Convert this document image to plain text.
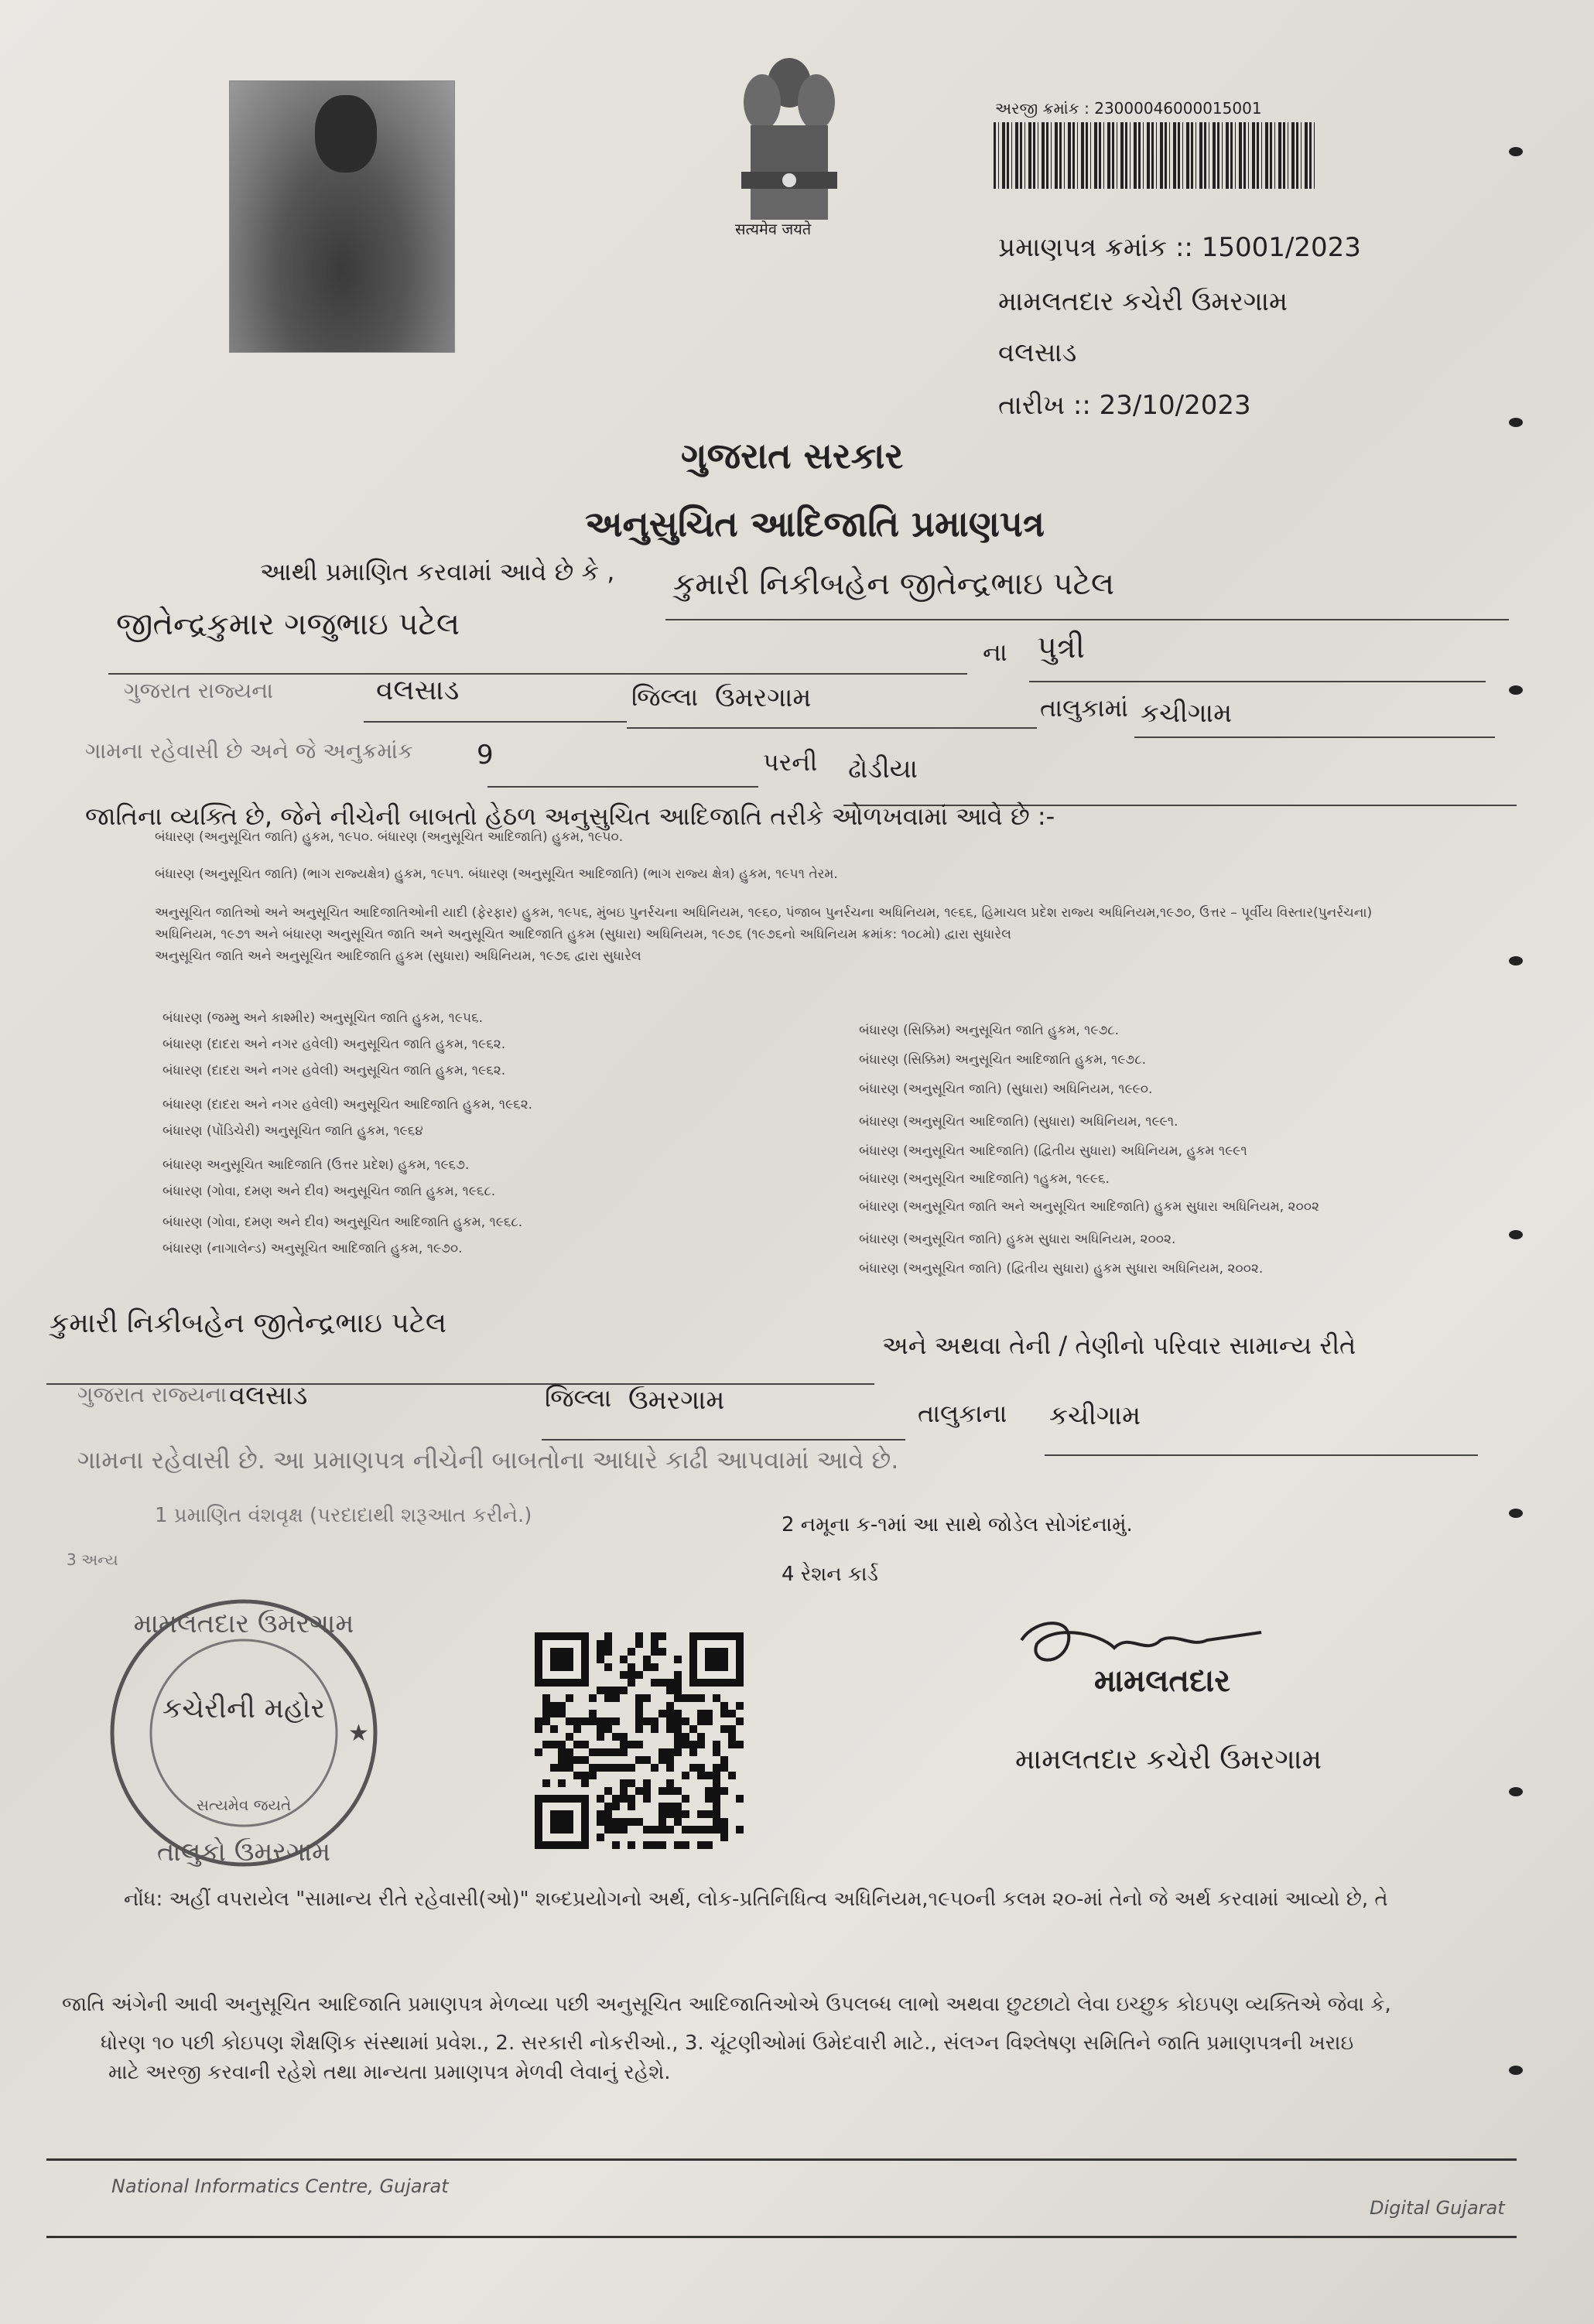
सत्यमेव जयते
અરજી ક્રમાંક : 23000046000015001
પ્રમાણપત્ર ક્રમાંક :: 15001/2023
મામલતદાર કચેરી ઉમરગામ
વલસાડ
તારીખ :: 23/10/2023
ગુજરાત સરકાર
અનુસુચિત આદિજાતિ પ્રમાણપત્ર
આથી પ્રમાણિત કરવામાં આવે છે કે , કુમારી નિકીબહેન જીતેન્દ્રભાઇ પટેલ
જીતેન્દ્રકુમાર ગજુભાઇ પટેલ
ના પુત્રી
ગુજરાત રાજ્યના	વલસાડ	જિલ્લા ઉમરગામ	તાલુકામાં કચીગામ
ગામના રહેવાસી છે અને જે અનુક્રમાંક 9	પરની ઢોડીયા
જાતિના વ્યક્તિ છે, જેને નીચેની બાબતો હેઠળ અનુસુચિત આદિજાતિ તરીકે ઓળખવામાં આવે છે :-
બંધારણ (અનુસૂચિત જાતિ) હુકમ, ૧૯૫૦. બંધારણ (અનુસૂચિત આદિજાતિ) હુકમ, ૧૯૫૦.
બંધારણ (અનુસૂચિત જાતિ) (ભાગ રાજ્યક્ષેત્ર) હુકમ, ૧૯૫૧. બંધારણ (અનુસૂચિત આદિજાતિ) (ભાગ રાજ્ય ક્ષેત્ર) હુકમ, ૧૯૫૧ તેરમ.
અનુસૂચિત જાતિઓ અને અનુસૂચિત આદિજાતિઓની યાદી (ફેરફાર) હુકમ, ૧૯૫૬, મુંબઇ પુનર્રચના અધિનિયમ, ૧૯૬૦, પંજાબ પુનર્રચના અધિનિયમ, ૧૯૬૬, હિમાચલ પ્રદેશ રાજ્ય અધિનિયમ,૧૯૭૦, ઉત્તર – પૂર્વીય વિસ્તાર(પુનર્રચના)
અધિનિયમ, ૧૯૭૧ અને બંધારણ અનુસૂચિત જાતિ અને અનુસૂચિત આદિજાતિ હુકમ (સુધારા) અધિનિયમ, ૧૯૭૬ (૧૯૭૬નો અધિનિયમ ક્રમાંક: ૧૦૮મો) દ્વારા સુધારેલ
અનુસૂચિત જાતિ અને અનુસૂચિત આદિજાતિ હુકમ (સુધારા) અધિનિયમ, ૧૯૭૬ દ્વારા સુધારેલ
બંધારણ (જમ્મુ અને કાશ્મીર) અનુસૂચિત જાતિ હુકમ, ૧૯૫૬.
બંધારણ (દાદરા અને નગર હવેલી) અનુસૂચિત જાતિ હુકમ, ૧૯૬૨.
બંધારણ (દાદરા અને નગર હવેલી) અનુસૂચિત જાતિ હુકમ, ૧૯૬૨.
બંધારણ (દાદરા અને નગર હવેલી) અનુસૂચિત આદિજાતિ હુકમ, ૧૯૬૨.
બંધારણ (પોંડિચેરી) અનુસૂચિત જાતિ હુકમ, ૧૯૬૪
બંધારણ અનુસૂચિત આદિજાતિ (ઉત્તર પ્રદેશ) હુકમ, ૧૯૬૭.
બંધારણ (ગોવા, દમણ અને દીવ) અનુસૂચિત જાતિ હુકમ, ૧૯૬૮.
બંધારણ (ગોવા, દમણ અને દીવ) અનુસૂચિત આદિજાતિ હુકમ, ૧૯૬૮.
બંધારણ (નાગાલેન્ડ) અનુસૂચિત આદિજાતિ હુકમ, ૧૯૭૦.
બંધારણ (સિક્કિમ) અનુસૂચિત જાતિ હુકમ, ૧૯૭૮.
બંધારણ (સિક્કિમ) અનુસૂચિત આદિજાતિ હુકમ, ૧૯૭૮.
બંધારણ (અનુસૂચિત જાતિ) (સુધારા) અધિનિયમ, ૧૯૯૦.
બંધારણ (અનુસૂચિત આદિજાતિ) (સુધારા) અધિનિયમ, ૧૯૯૧.
બંધારણ (અનુસૂચિત આદિજાતિ) (દ્વિતીય સુધારા) અધિનિયમ, હુકમ ૧૯૯૧
બંધારણ (અનુસૂચિત આદિજાતિ) ૧હુકમ, ૧૯૯૬.
બંધારણ (અનુસૂચિત જાતિ અને અનુસૂચિત આદિજાતિ) હુકમ સુધારા અધિનિયમ, ૨૦૦૨
બંધારણ (અનુસૂચિત જાતિ) હુકમ સુધારા અધિનિયમ, ૨૦૦૨.
બંધારણ (અનુસૂચિત જાતિ) (દ્વિતીય સુધારા) હુકમ સુધારા અધિનિયમ, ૨૦૦૨.
કુમારી નિકીબહેન જીતેન્દ્રભાઇ પટેલ
અને અથવા તેની / તેણીનો પરિવાર સામાન્ય રીતે
ગુજરાત રાજ્યના વલસાડ	જિલ્લા ઉમરગામ	તાલુકાના કચીગામ
ગામના રહેવાસી છે. આ પ્રમાણપત્ર નીચેની બાબતોના આધારે કાઢી આપવામાં આવે છે.
1 પ્રમાણિત વંશવૃક્ષ (પરદાદાથી શરૂઆત કરીને.)	2 નમૂના ક-૧માં આ સાથે જોડેલ સોગંદનામું.
3 અન્ય
4 રેશન કાર્ડ
મામલતદાર ઉમરગામ
કચેરીની મહોર
સત્યમેવ જયતે
તાલુકો ઉમરગામ
★
મામલતદાર
મામલતદાર કચેરી ઉમરગામ
નોંધ: અહીં વપરાયેલ "સામાન્ય રીતે રહેવાસી(ઓ)" શબ્દપ્રયોગનો અર્થ, લોક-પ્રતિનિધિત્વ અધિનિયમ,૧૯૫૦ની કલમ ૨૦-માં તેનો જે અર્થ કરવામાં આવ્યો છે, તે
જાતિ અંગેની આવી અનુસૂચિત આદિજાતિ પ્રમાણપત્ર મેળવ્યા પછી અનુસૂચિત આદિજાતિઓએ ઉપલબ્ધ લાભો અથવા છુટછાટો લેવા ઇચ્છુક કોઇપણ વ્યક્તિએ જેવા કે,
ધોરણ ૧૦ પછી કોઇપણ શૈક્ષણિક સંસ્થામાં પ્રવેશ., 2. સરકારી નોકરીઓ., 3. ચૂંટણીઓમાં ઉમેદવારી માટે., સંલગ્ન વિશ્લેષણ સમિતિને જાતિ પ્રમાણપત્રની ખરાઇ
માટે અરજી કરવાની રહેશે તથા માન્યતા પ્રમાણપત્ર મેળવી લેવાનું રહેશે.
National Informatics Centre, Gujarat
Digital Gujarat
